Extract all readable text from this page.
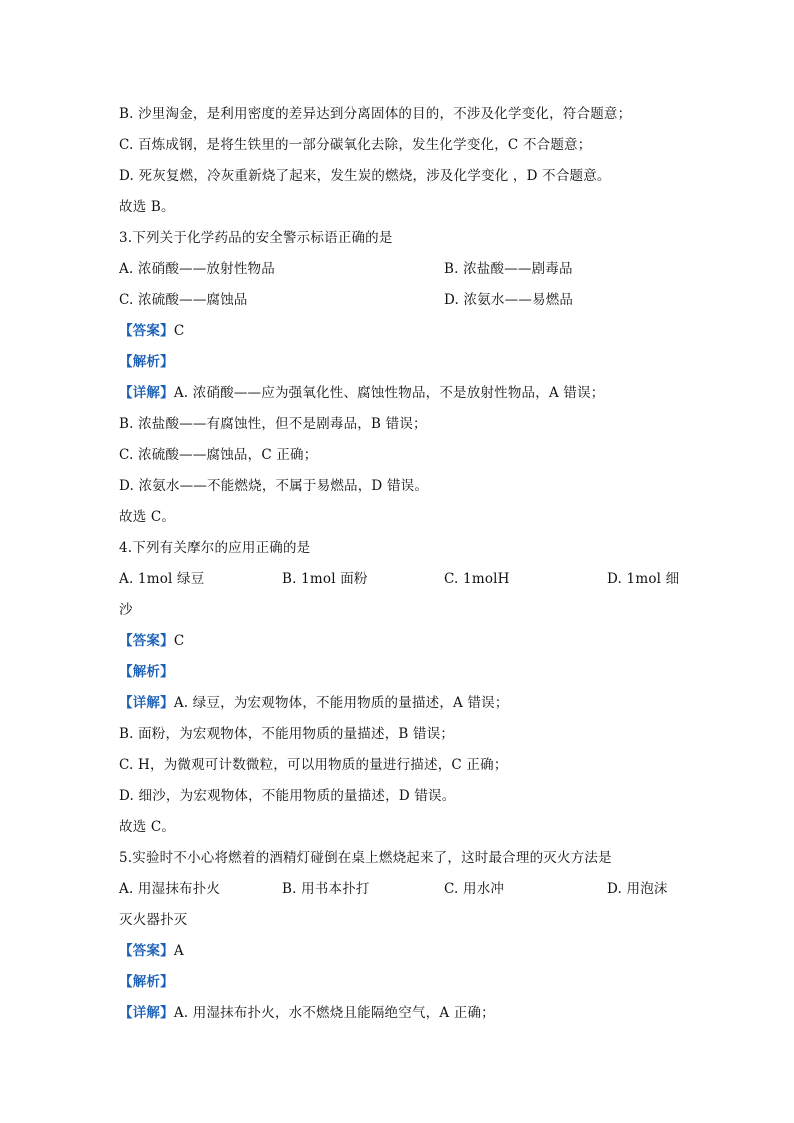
B. 沙里淘金，是利用密度的差异达到分离固体的目的，不涉及化学变化，符合题意；
C. 百炼成钢，是将生铁里的一部分碳氧化去除，发生化学变化，C 不合题意；
D. 死灰复燃，冷灰重新烧了起来，发生炭的燃烧，涉及化学变化 ，D 不合题意。
故选 B。
3.下列关于化学药品的安全警示标语正确的是
A. 浓硝酸——放射性物品	B. 浓盐酸——剧毒品
C. 浓硫酸——腐蚀品	D. 浓氨水——易燃品
【答案】C
【解析】
【详解】A. 浓硝酸——应为强氧化性、腐蚀性物品，不是放射性物品，A 错误；
B. 浓盐酸——有腐蚀性，但不是剧毒品，B 错误；
C. 浓硫酸——腐蚀品，C 正确；
D. 浓氨水——不能燃烧，不属于易燃品，D 错误。
故选 C。
4.下列有关摩尔的应用正确的是
A. 1mol 绿豆	B. 1mol 面粉	C. 1molH	D. 1mol 细
沙
【答案】C
【解析】
【详解】A. 绿豆，为宏观物体，不能用物质的量描述，A 错误；
B. 面粉，为宏观物体，不能用物质的量描述，B 错误；
C. H，为微观可计数微粒，可以用物质的量进行描述，C 正确；
D. 细沙，为宏观物体，不能用物质的量描述，D 错误。
故选 C。
5.实验时不小心将燃着的酒精灯碰倒在桌上燃烧起来了，这时最合理的灭火方法是
A. 用湿抹布扑火	B. 用书本扑打	C. 用水冲	D. 用泡沫
灭火器扑灭
【答案】A
【解析】
【详解】A. 用湿抹布扑火，水不燃烧且能隔绝空气，A 正确；
